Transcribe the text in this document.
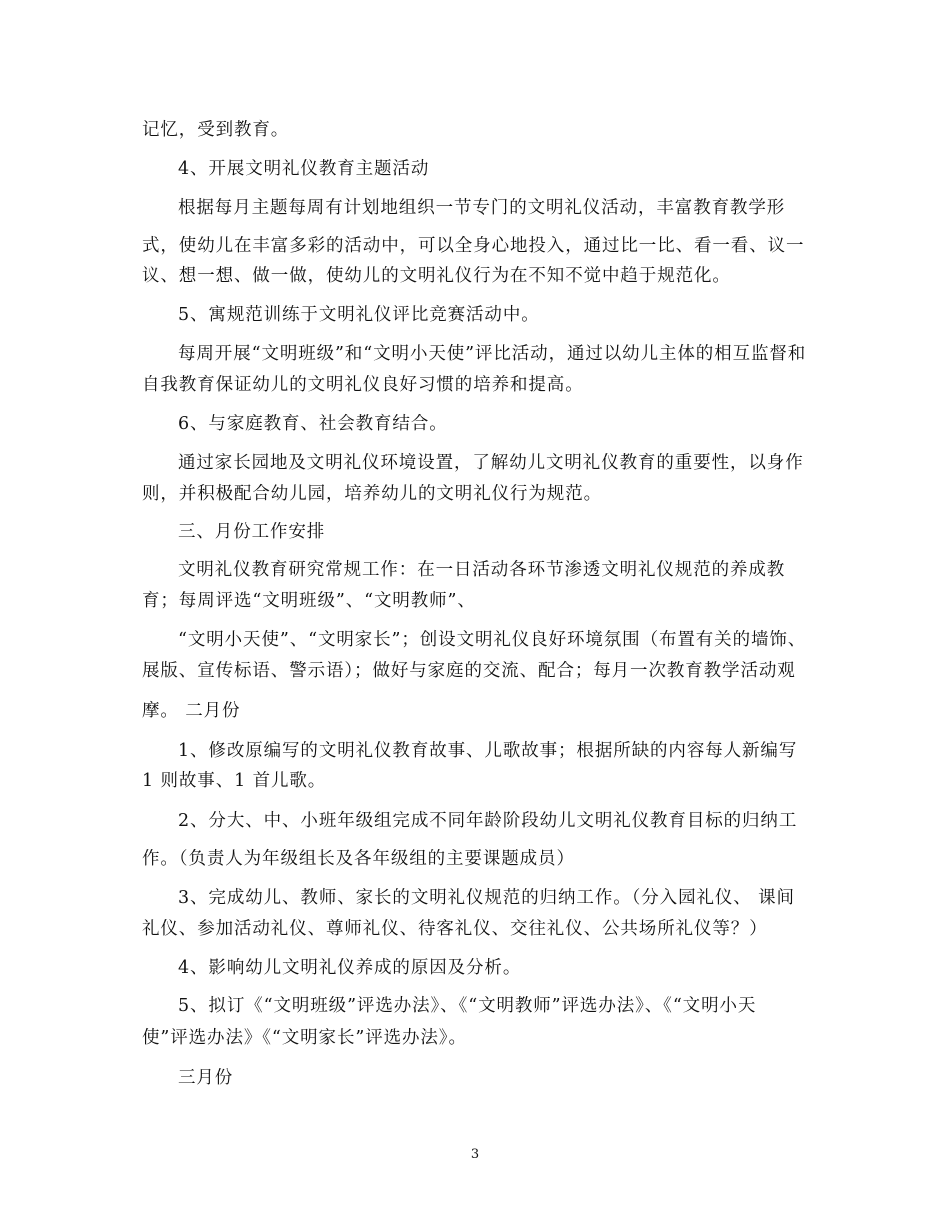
记忆，受到教育。
4、开展文明礼仪教育主题活动
根据每月主题每周有计划地组织一节专门的文明礼仪活动，丰富教育教学形
式，使幼儿在丰富多彩的活动中，可以全身心地投入，通过比一比、看一看、议一
议、想一想、做一做，使幼儿的文明礼仪行为在不知不觉中趋于规范化。
5、寓规范训练于文明礼仪评比竞赛活动中。
每周开展“文明班级”和“文明小天使”评比活动，通过以幼儿主体的相互监督和
自我教育保证幼儿的文明礼仪良好习惯的培养和提高。
6、与家庭教育、社会教育结合。
通过家长园地及文明礼仪环境设置，了解幼儿文明礼仪教育的重要性，以身作
则，并积极配合幼儿园，培养幼儿的文明礼仪行为规范。
三、月份工作安排
文明礼仪教育研究常规工作：在一日活动各环节渗透文明礼仪规范的养成教
育；每周评选“文明班级”、“文明教师”、
“文明小天使”、“文明家长”；创设文明礼仪良好环境氛围（布置有关的墙饰、
展版、宣传标语、警示语）；做好与家庭的交流、配合；每月一次教育教学活动观
摩。 二月份
1、修改原编写的文明礼仪教育故事、儿歌故事；根据所缺的内容每人新编写
1 则故事、1 首儿歌。
2、分大、中、小班年级组完成不同年龄阶段幼儿文明礼仪教育目标的归纳工
作。（负责人为年级组长及各年级组的主要课题成员）
3、完成幼儿、教师、家长的文明礼仪规范的归纳工作。（分入园礼仪、 课间
礼仪、参加活动礼仪、尊师礼仪、待客礼仪、交往礼仪、公共场所礼仪等？）
4、影响幼儿文明礼仪养成的原因及分析。
5、拟订《“文明班级”评选办法》、《“文明教师”评选办法》、《“文明小天
使”评选办法》《“文明家长”评选办法》。
三月份
3
